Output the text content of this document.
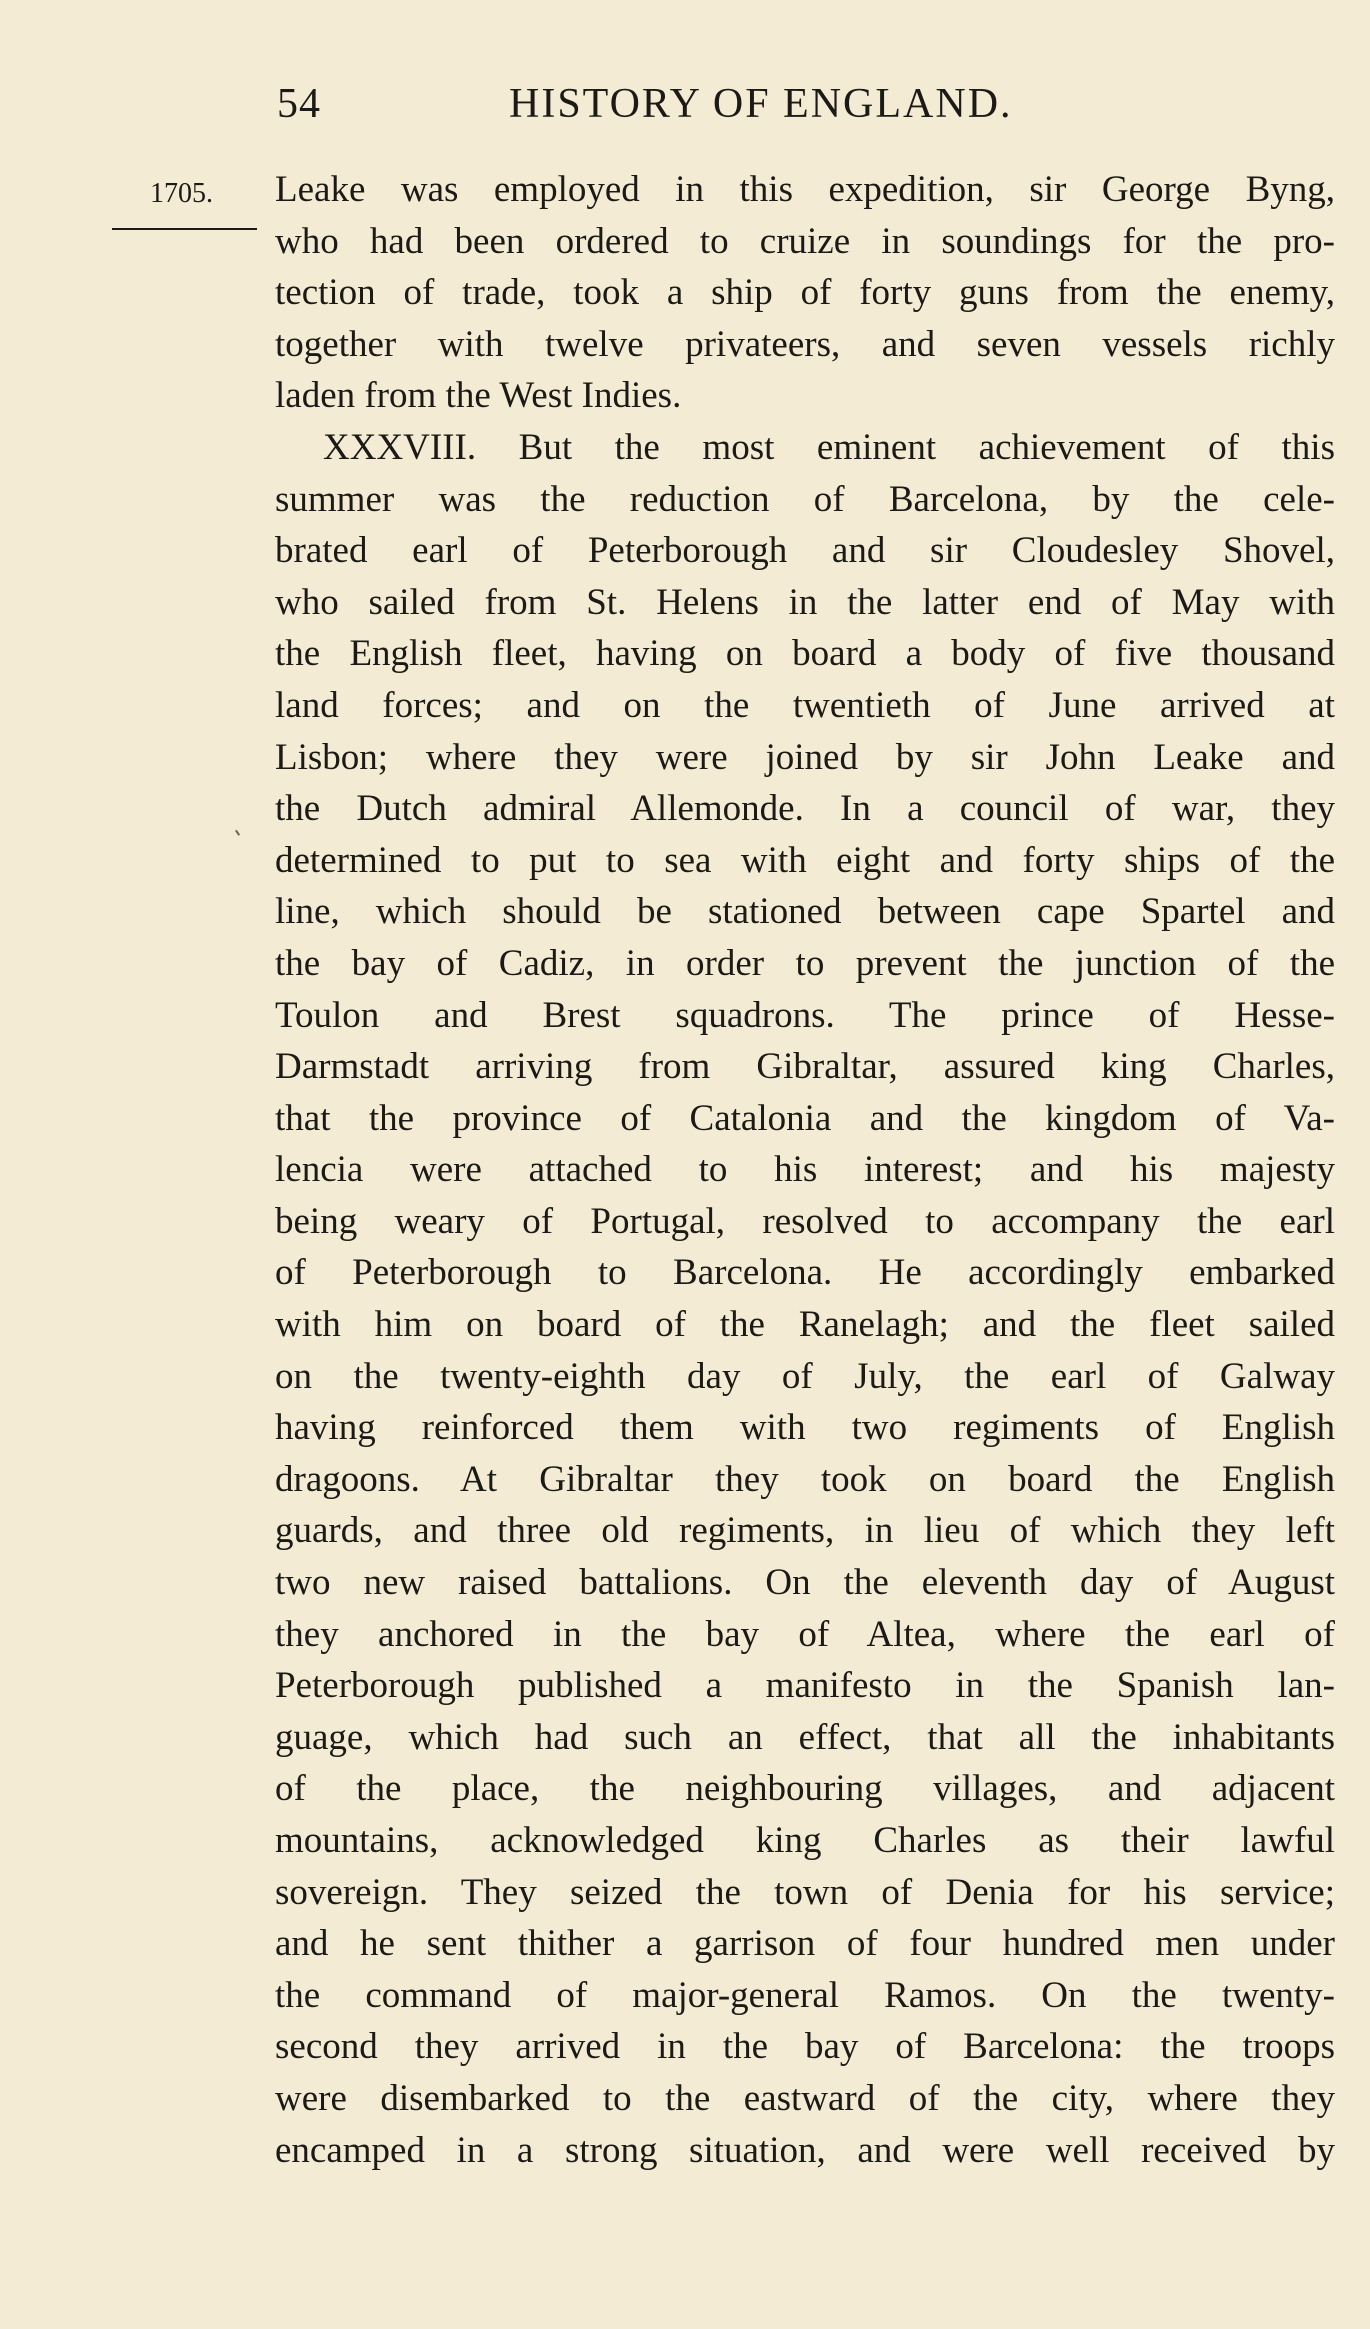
54	HISTORY OF ENGLAND.
1705. Leake was employed in this expedition, sir George Byng,
who had been ordered to cruize in soundings for the pro-
tection of trade, took a ship of forty guns from the enemy,
together with twelve privateers, and seven vessels richly
laden from the West Indies.
XXXVIII. But the most eminent achievement of this
summer was the reduction of Barcelona, by the cele-
brated earl of Peterborough and sir Cloudesley Shovel,
who sailed from St. Helens in the latter end of May with
the English fleet, having on board a body of five thousand
land forces; and on the twentieth of June arrived at
Lisbon; where they were joined by sir John Leake and
the Dutch admiral Allemonde. In a council of war, they
determined to put to sea with eight and forty ships of the
line, which should be stationed between cape Spartel and
the bay of Cadiz, in order to prevent the junction of the
Toulon and Brest squadrons. The prince of Hesse-
Darmstadt arriving from Gibraltar, assured king Charles,
that the province of Catalonia and the kingdom of Va-
lencia were attached to his interest; and his majesty
being weary of Portugal, resolved to accompany the earl
of Peterborough to Barcelona. He accordingly embarked
with him on board of the Ranelagh; and the fleet sailed
on the twenty-eighth day of July, the earl of Galway
having reinforced them with two regiments of English
dragoons. At Gibraltar they took on board the English
guards, and three old regiments, in lieu of which they left
two new raised battalions. On the eleventh day of August
they anchored in the bay of Altea, where the earl of
Peterborough published a manifesto in the Spanish lan-
guage, which had such an effect, that all the inhabitants
of the place, the neighbouring villages, and adjacent
mountains, acknowledged king Charles as their lawful
sovereign. They seized the town of Denia for his service;
and he sent thither a garrison of four hundred men under
the command of major-general Ramos. On the twenty-
second they arrived in the bay of Barcelona: the troops
were disembarked to the eastward of the city, where they
encamped in a strong situation, and were well received by
